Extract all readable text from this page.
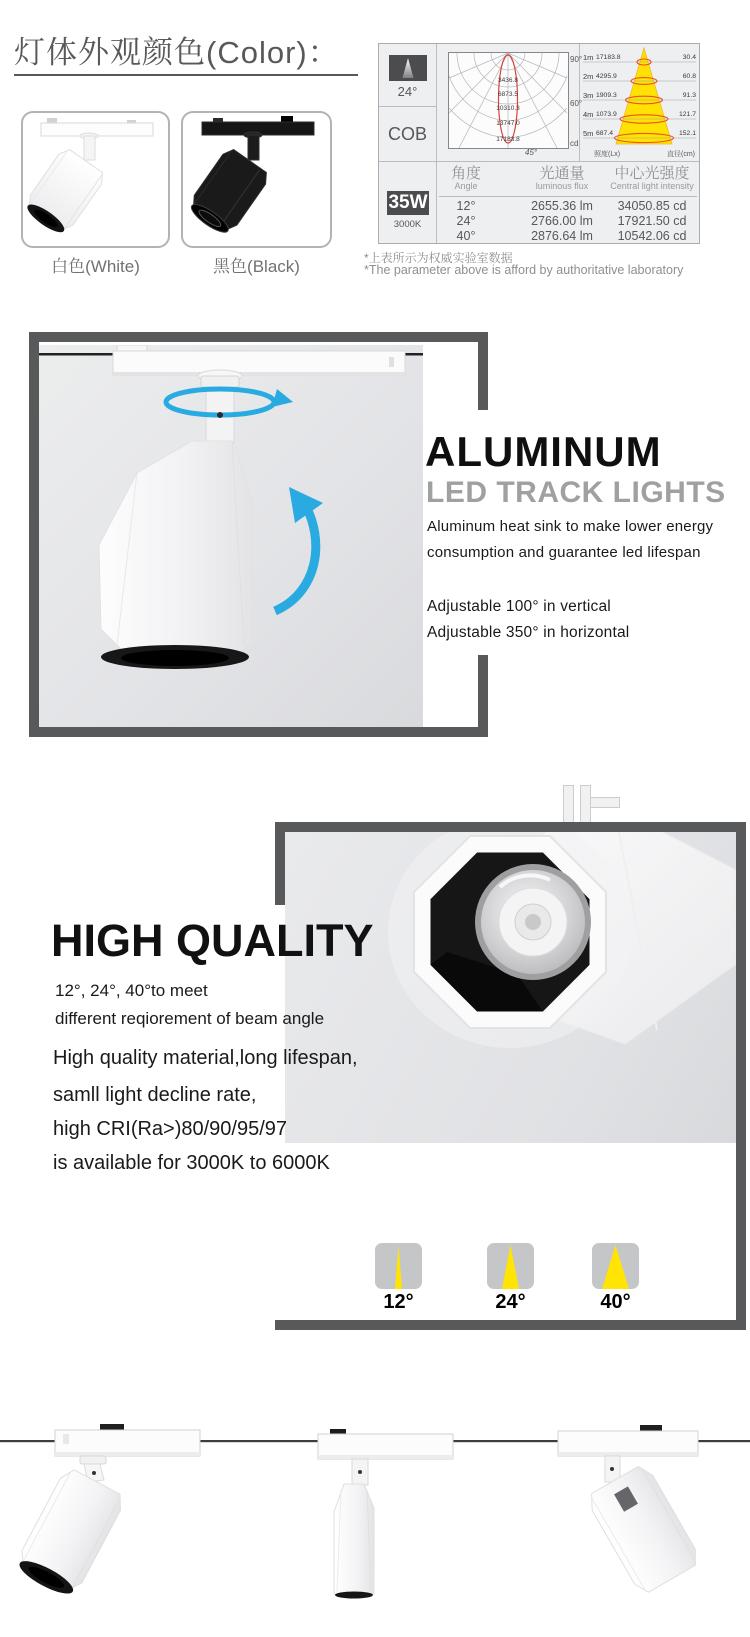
灯体外观颜色(Color)：
白色(White)	黑色(Black)
24°
COB
35W
3000K
3436.8
6873.5
10310.3
13747.0
17183.8
90°
60°
cd
45°
1m
2m
3m
4m
5m
17183.8
4295.9
1909.3
1073.9
687.4
30.4
60.8
91.3
121.7
152.1
照度(Lx)	直径(cm)
角度
Angle
光通量
luminous flux
中心光强度
Central light intensity
12°	2655.36 lm	34050.85 cd
24°	2766.00 lm	17921.50 cd
40°	2876.64 lm	10542.06 cd
*上表所示为权威实验室数据
*The parameter above is afford by authoritative laboratory
ALUMINUM
LED TRACK LIGHTS
Aluminum heat sink to make lower energy
consumption and guarantee led lifespan
Adjustable 100° in vertical
Adjustable 350° in horizontal
HIGH QUALITY
12°, 24°, 40°to meet
different reqiorement of beam angle
High quality material,long lifespan,
samll light decline rate,
high CRI(Ra>)80/90/95/97
is available for 3000K to 6000K
12°	24°	40°
